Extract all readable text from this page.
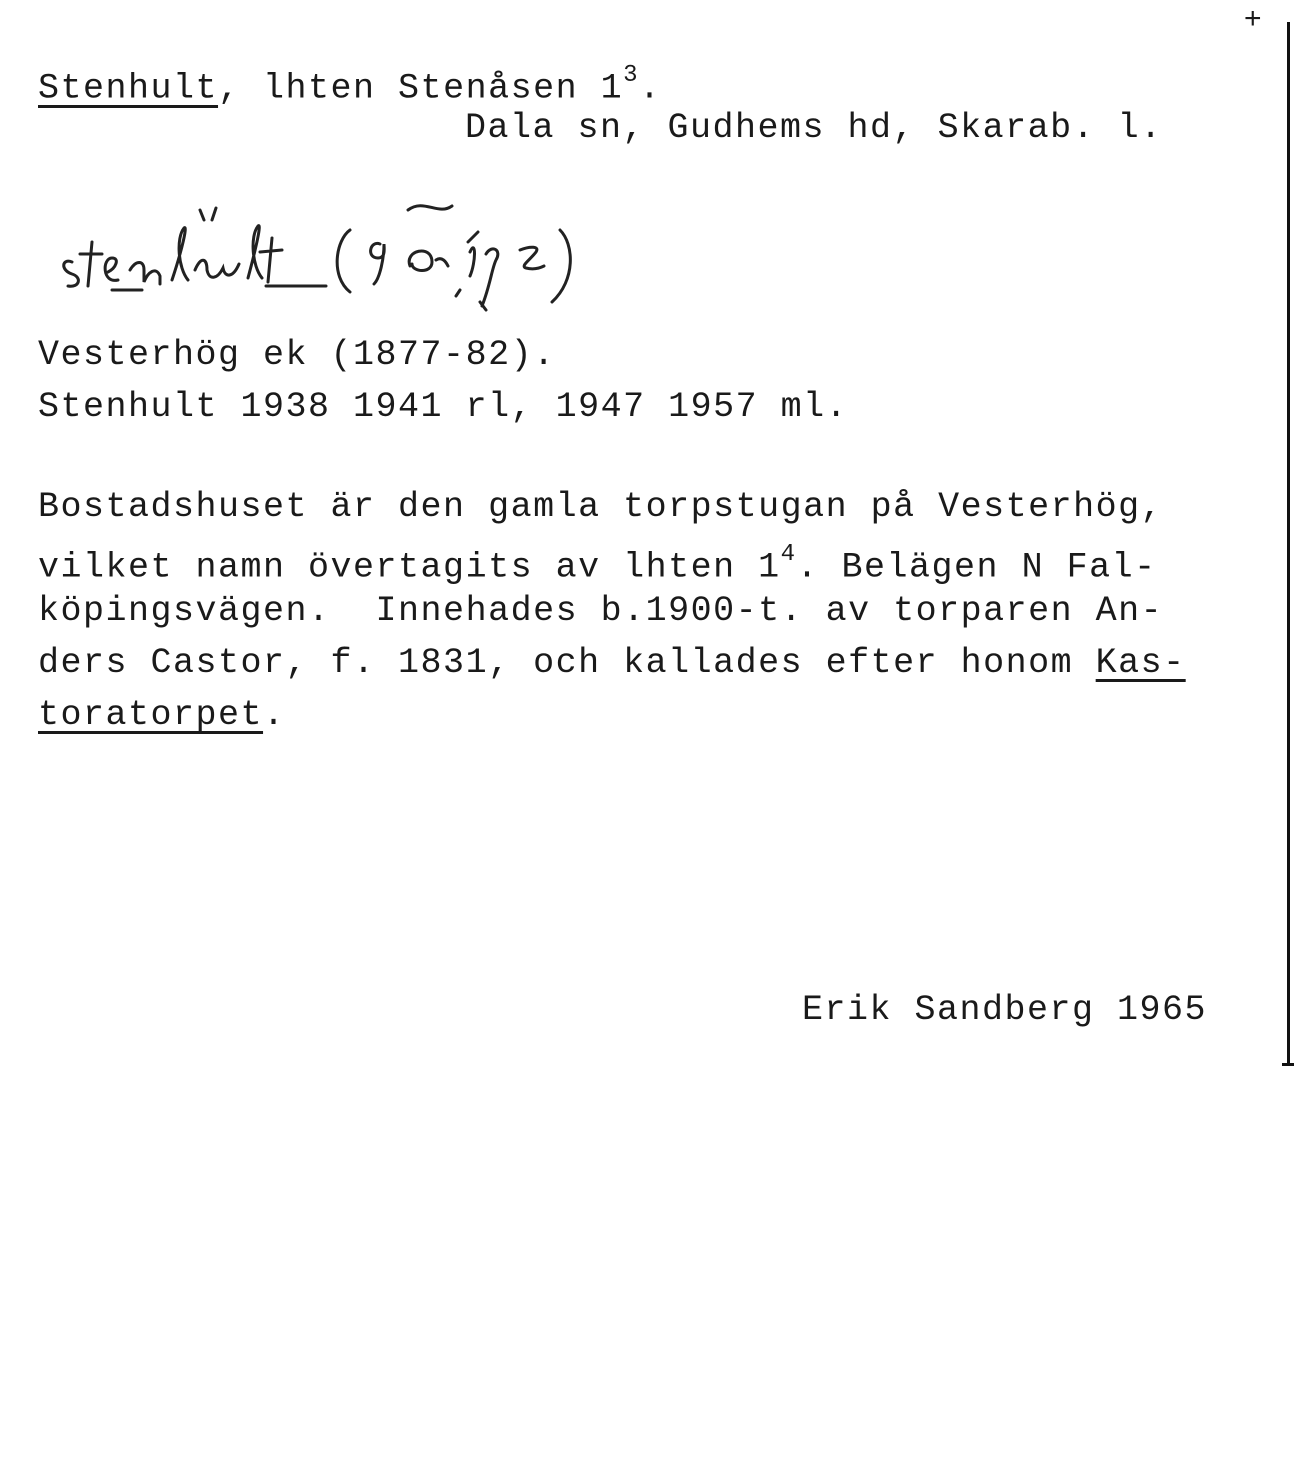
+
Stenhult, lhten Stenåsen $1^3$.
Dala sn, Gudhems hd, Skarab. l.
Vesterhög ek (1877-82).
Stenhult 1938 1941 rl, 1947 1957 ml.
Bostadshuset är den gamla torpstugan på Vesterhög,
vilket namn övertagits av lhten $1^4$. Belägen N Fal-
köpingsvägen.  Innehades b.1900-t. av torparen An-
ders Castor, f. 1831, och kallades efter honom Kas-
toratorpet.
Erik Sandberg 1965
